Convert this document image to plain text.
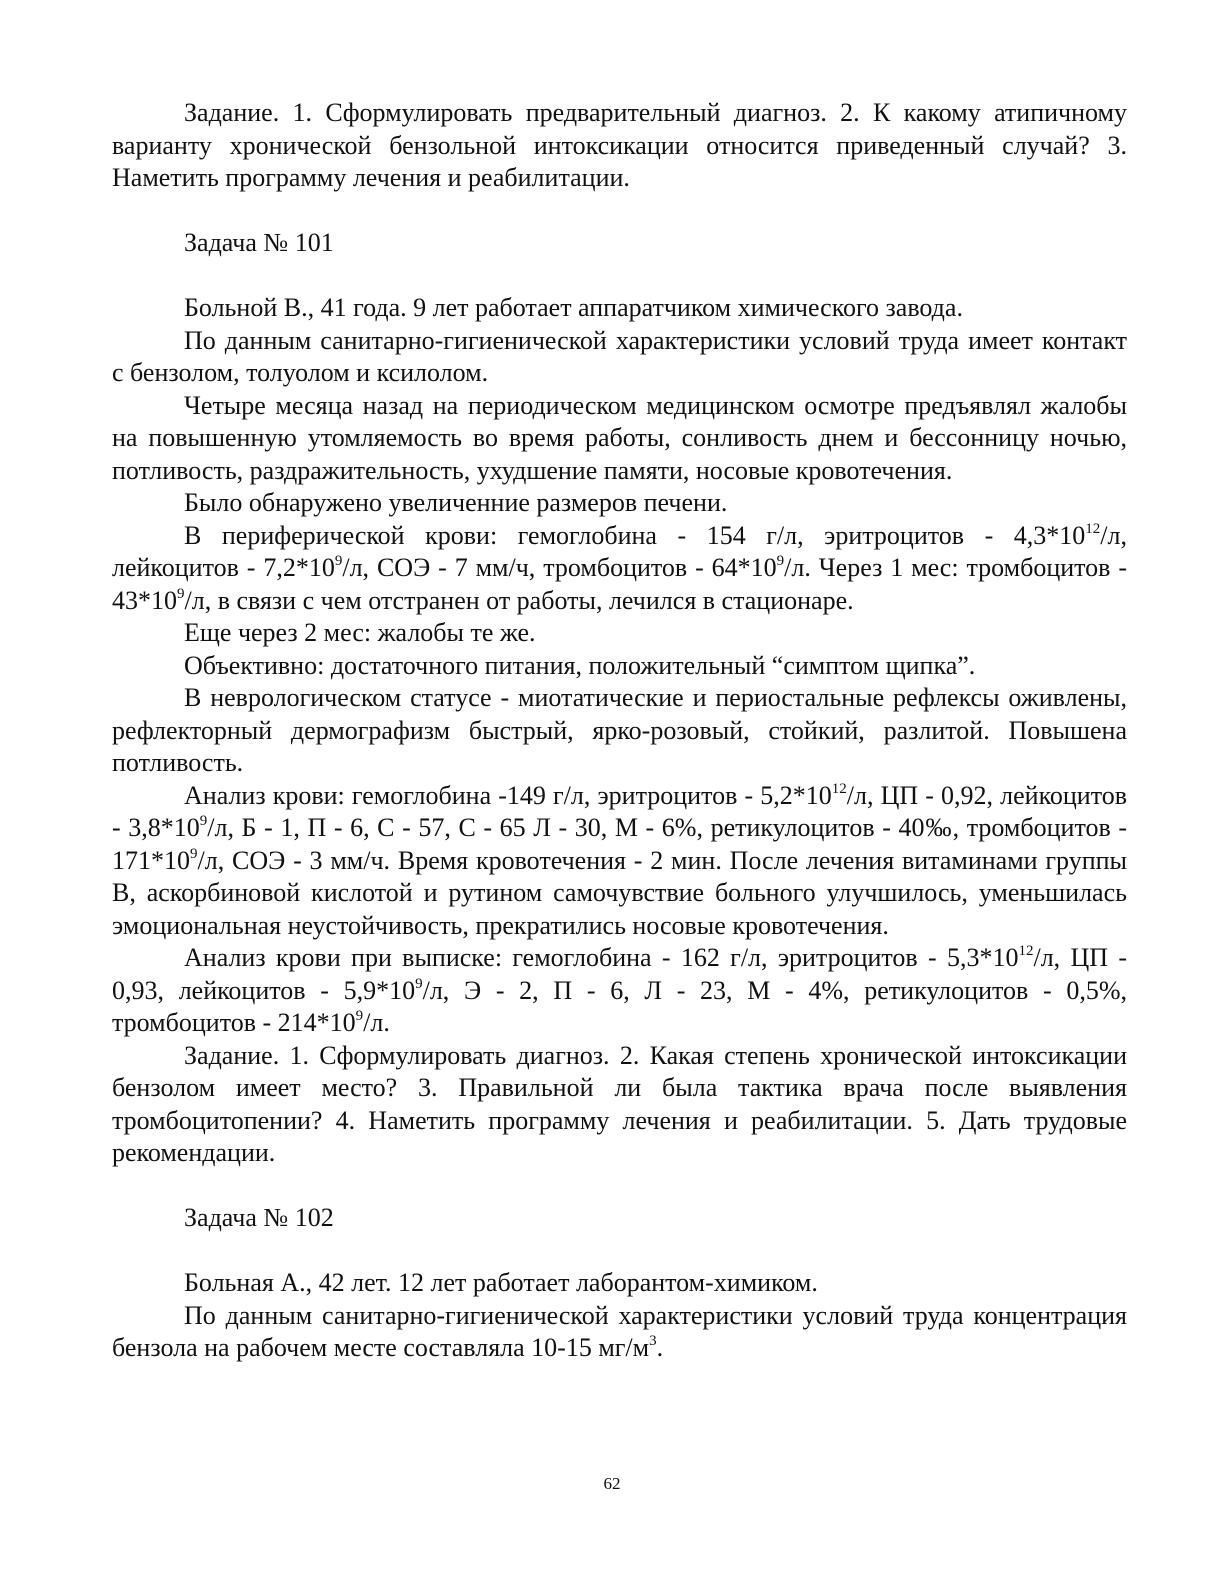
Задание. 1. Сформулировать предварительный диагноз. 2. К какому атипичному варианту хронической бензольной интоксикации относится приведенный случай? 3. Наметить программу лечения и реабилитации.

Задача № 101

Больной В., 41 года. 9 лет работает аппаратчиком химического завода.

По данным санитарно-гигиенической характеристики условий труда имеет контакт с бензолом, толуолом и ксилолом.

Четыре месяца назад на периодическом медицинском осмотре предъявлял жалобы на повышенную утомляемость во время работы, сонливость днем и бессонницу ночью, потливость, раздражительность, ухудшение памяти, носовые кровотечения.

Было обнаружено увеличенние размеров печени.

В периферической крови: гемоглобина - 154 г/л, эритроцитов - $4,3*10^{12}/л$, лейкоцитов - $7,2*10^9/л$, СОЭ - 7 мм/ч, тромбоцитов - $64*10^9/л$. Через 1 мес: тромбоцитов - $43*10^9/л$, в связи с чем отстранен от работы, лечился в стационаре.

Еще через 2 мес: жалобы те же.

Объективно: достаточного питания, положительный “симптом щипка”.

В неврологическом статусе - миотатические и периостальные рефлексы оживлены, рефлекторный дермографизм быстрый, ярко-розовый, стойкий, разлитой. Повышена потливость.

Анализ крови: гемоглобина -149 г/л, эритроцитов - $5,2*10^{12}/л$, ЦП - 0,92, лейкоцитов - $3,8*10^9/л$, Б - 1, П - 6, С - 57, С - 65 Л - 30, М - 6%, ретикулоцитов - 40‰, тромбоцитов - $171*10^9/л$, СОЭ - 3 мм/ч. Время кровотечения - 2 мин. После лечения витаминами группы В, аскорбиновой кислотой и рутином самочувствие больного улучшилось, уменьшилась эмоциональная неустойчивость, прекратились носовые кровотечения.

Анализ крови при выписке: гемоглобина - 162 г/л, эритроцитов - $5,3*10^{12}/л$, ЦП - 0,93, лейкоцитов - $5,9*10^9/л$, Э - 2, П - 6, Л - 23, М - 4%, ретикулоцитов - 0,5%, тромбоцитов - $214*10^9/л$.

Задание. 1. Сформулировать диагноз. 2. Какая степень хронической интоксикации бензолом имеет место? 3. Правильной ли была тактика врача после выявления тромбоцитопении? 4. Наметить программу лечения и реабилитации. 5. Дать трудовые рекомендации.

Задача № 102

Больная А., 42 лет. 12 лет работает лаборантом-химиком.

По данным санитарно-гигиенической характеристики условий труда концентрация бензола на рабочем месте составляла 10-15 $мг/м^3$.

62
